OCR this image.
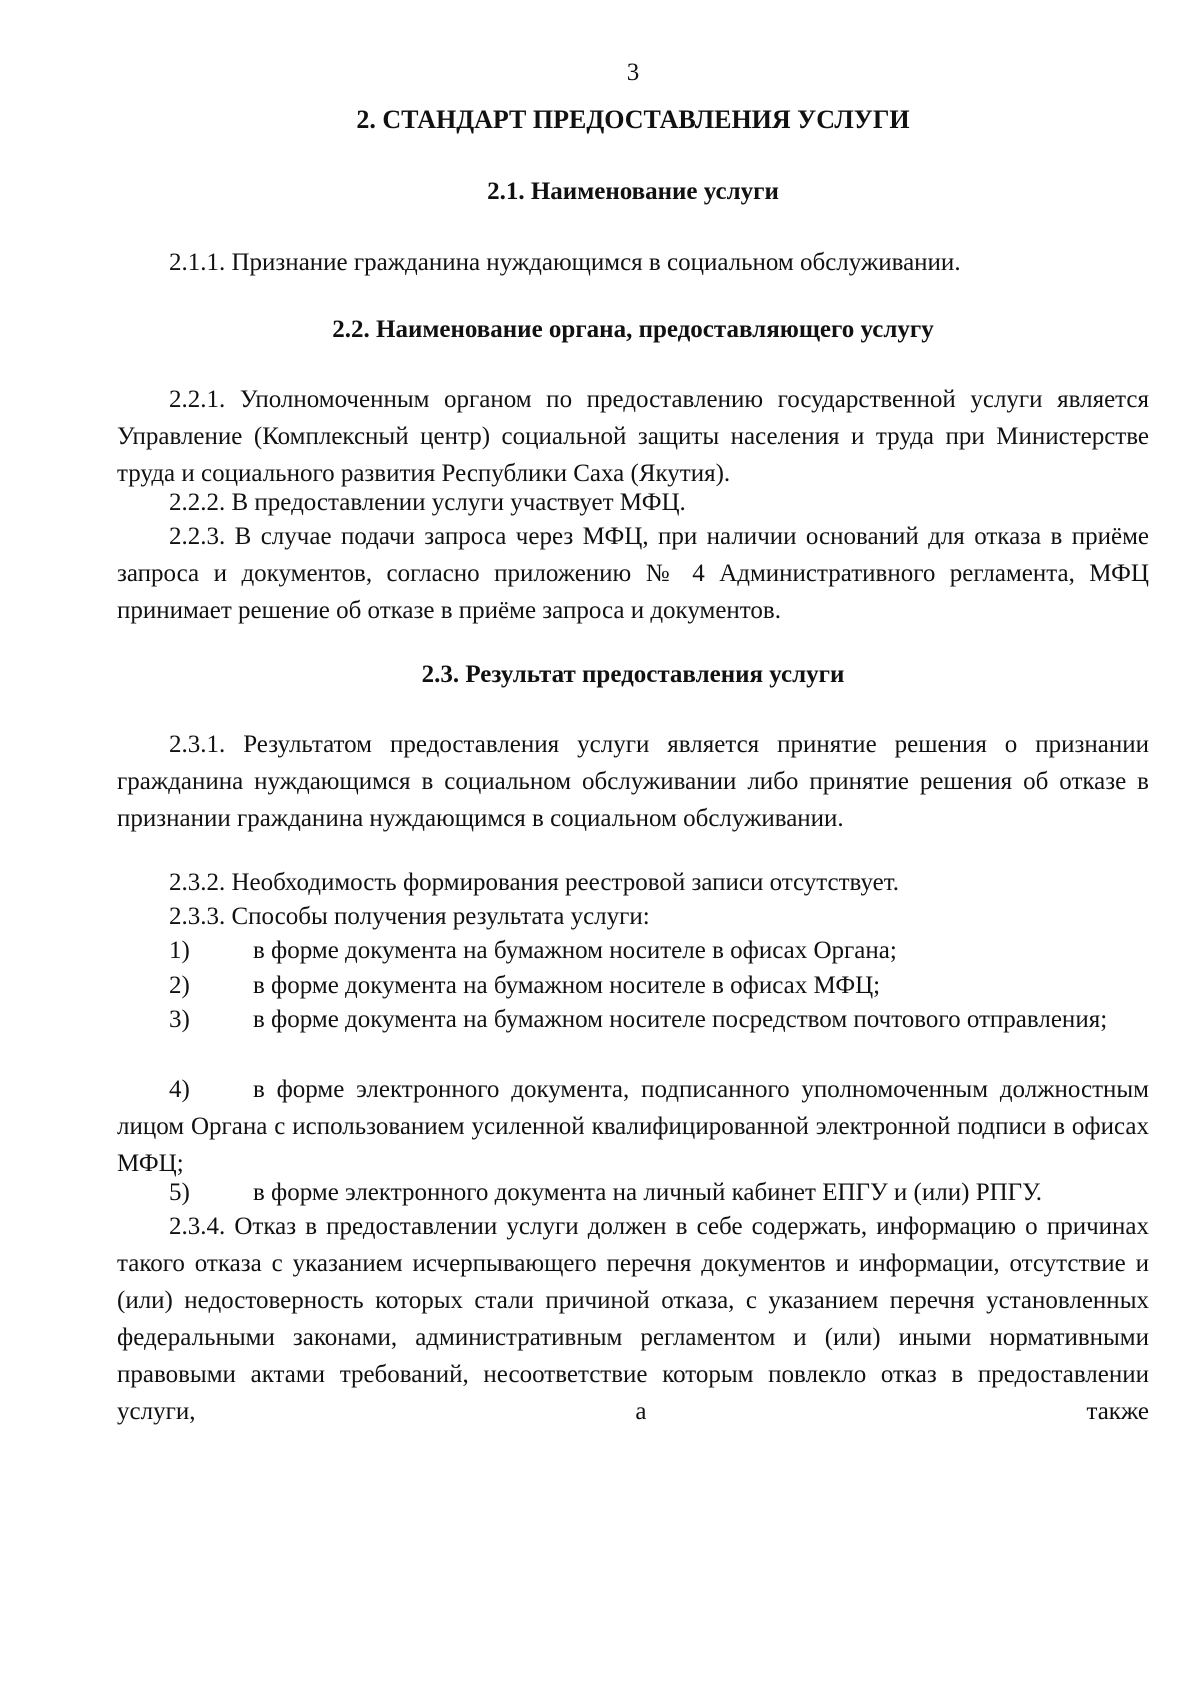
3
2. СТАНДАРТ ПРЕДОСТАВЛЕНИЯ УСЛУГИ
2.1. Наименование услуги

2.1.1. Признание гражданина нуждающимся в социальном обслуживании.

2.2. Наименование органа, предоставляющего услугу

2.2.1. Уполномоченным органом по предоставлению государственной услуги является Управление (Комплексный центр) социальной защиты населения и труда при Министерстве труда и социального развития Республики Саха (Якутия).

2.2.2. В предоставлении услуги участвует МФЦ.

2.2.3. В случае подачи запроса через МФЦ, при наличии оснований для отказа в приёме запроса и документов, согласно приложению № 4 Административного регламента, МФЦ принимает решение об отказе в приёме запроса и документов.

2.3. Результат предоставления услуги

2.3.1. Результатом предоставления услуги является принятие решения о признании гражданина нуждающимся в социальном обслуживании либо принятие решения об отказе в признании гражданина нуждающимся в социальном обслуживании.

2.3.2. Необходимость формирования реестровой записи отсутствует.

2.3.3. Способы получения результата услуги:

1)	в форме документа на бумажном носителе в офисах Органа;

2)	в форме документа на бумажном носителе в офисах МФЦ;

3)	в форме документа на бумажном носителе посредством почтового отправления;

4)	в форме электронного документа, подписанного уполномоченным должностным лицом Органа с использованием усиленной квалифицированной электронной подписи в офисах МФЦ;

5)	в форме электронного документа на личный кабинет ЕПГУ и (или) РПГУ.

2.3.4. Отказ в предоставлении услуги должен в себе содержать, информацию о причинах такого отказа с указанием исчерпывающего перечня документов и информации, отсутствие и (или) недостоверность которых стали причиной отказа, с указанием перечня установленных федеральными законами, административным регламентом и (или) иными нормативными правовыми актами требований, несоответствие которым повлекло отказ в предоставлении услуги, а также
